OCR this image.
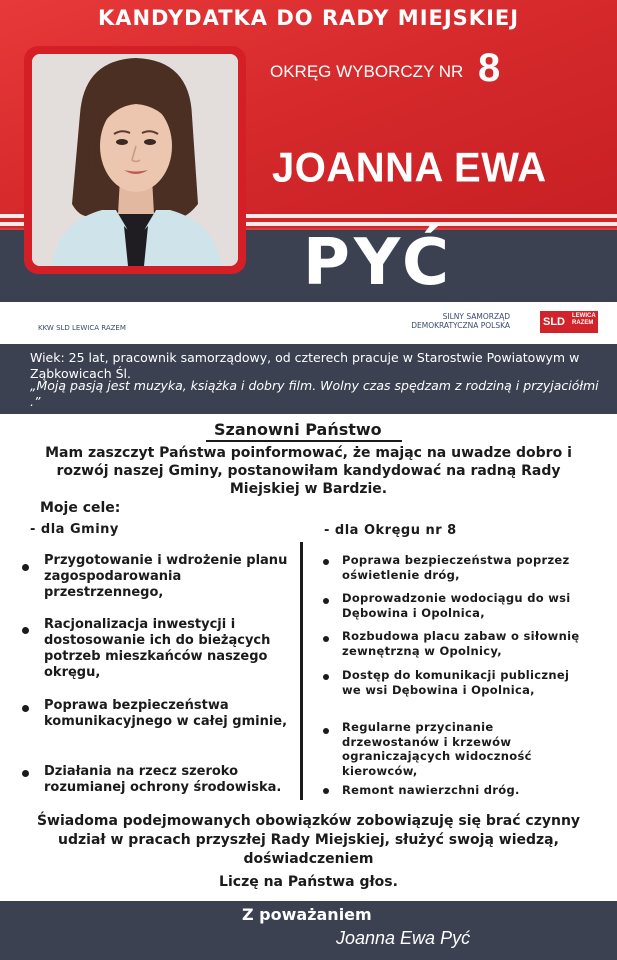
KANDYDATKA DO RADY MIEJSKIEJ
OKRĘG WYBORCZY NR 8
JOANNA EWA
PYĆ
KKW SLD LEWICA RAZEM
SILNY SAMORZĄD
DEMOKRATYCZNA POLSKA	SLD LEWICA
RAZEM
Wiek: 25 lat, pracownik samorządowy, od czterech pracuje w Starostwie Powiatowym w Ząbkowicach Śl.
„Moją pasją jest muzyka, książka i dobry film. Wolny czas spędzam z rodziną i przyjaciółmi .”
Szanowni Państwo
Mam zaszczyt Państwa poinformować, że mając na uwadze dobro i rozwój naszej Gminy, postanowiłam kandydować na radną Rady Miejskiej w Bardzie.
Moje cele:
- dla Gminy	- dla Okręgu nr 8
Przygotowanie i wdrożenie planu zagospodarowania przestrzennego,
Racjonalizacja inwestycji i dostosowanie ich do bieżących potrzeb mieszkańców naszego okręgu,
Poprawa bezpieczeństwa komunikacyjnego w całej gminie,
Działania na rzecz szeroko rozumianej ochrony środowiska.
Poprawa bezpieczeństwa poprzez oświetlenie dróg,
Doprowadzonie wodociągu do wsi Dębowina i Opolnica,
Rozbudowa placu zabaw o siłownię zewnętrzną w Opolnicy,
Dostęp do komunikacji publicznej we wsi Dębowina i Opolnica,
Regularne przycinanie drzewostanów i krzewów ograniczających widoczność kierowców,
Remont nawierzchni dróg.
Świadoma podejmowanych obowiązków zobowiązuję się brać czynny udział w pracach przyszłej Rady Miejskiej, służyć swoją wiedzą, doświadczeniem
Liczę na Państwa głos.
Z poważaniem
Joanna Ewa Pyć
